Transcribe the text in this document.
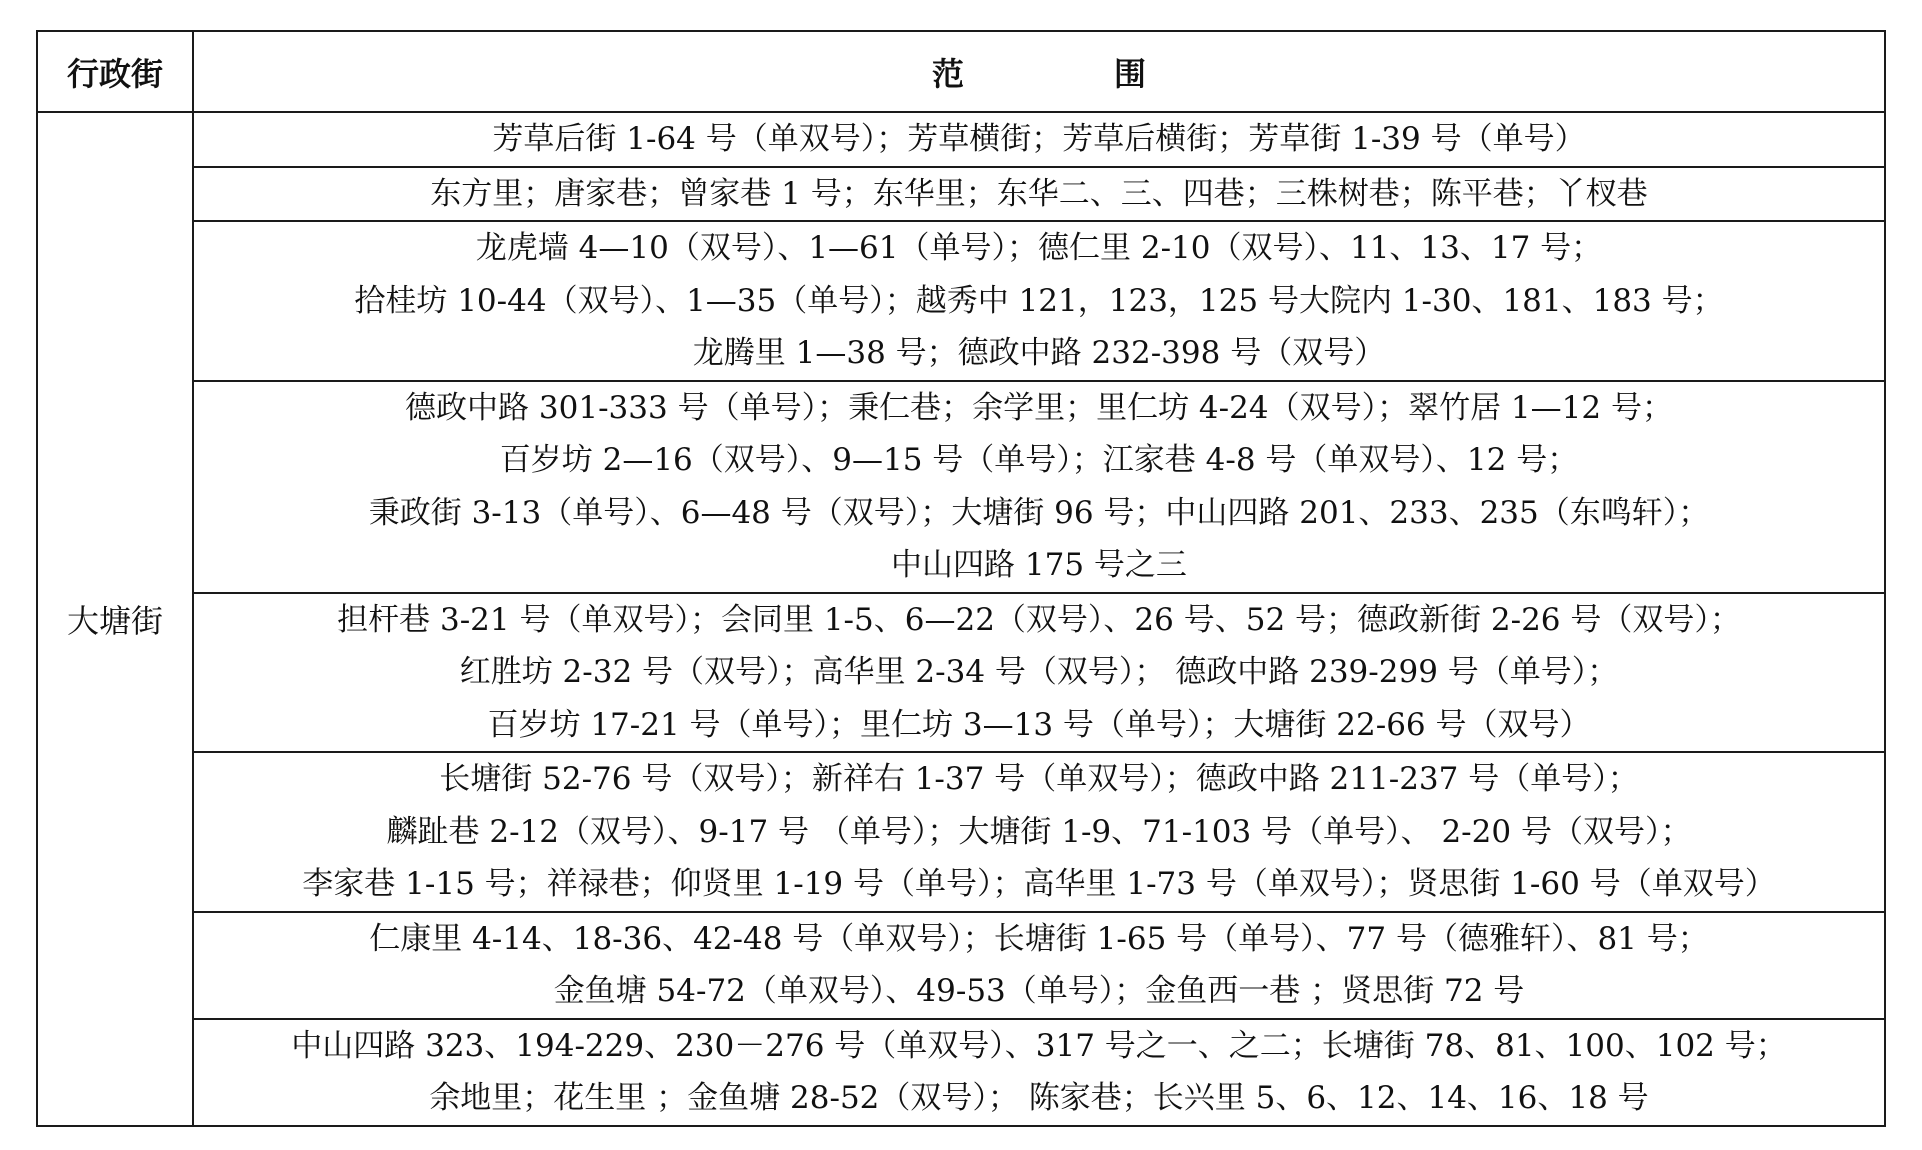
行政街	范 围
大塘街	芳草后街 1-64 号（单双号）；芳草横街；芳草后横街；芳草街 1-39 号（单号）

	东方里；唐家巷；曾家巷 1 号；东华里；东华二、三、四巷；三株树巷；陈平巷；丫杈巷

	龙虎墙 4—10（双号）、1—61（单号）；德仁里 2-10（双号）、11、13、17 号；
拾桂坊 10-44（双号）、1—35（单号）；越秀中 121，123，125 号大院内 1-30、181、183 号；
龙腾里 1—38 号；德政中路 232-398 号（双号）

	德政中路 301-333 号（单号）；秉仁巷；余学里；里仁坊 4-24（双号）；翠竹居 1—12 号；
百岁坊 2—16（双号）、9—15 号（单号）；江家巷 4-8 号（单双号）、12 号；
秉政街 3-13（单号）、6—48 号（双号）；大塘街 96 号；中山四路 201、233、235（东鸣轩）；
中山四路 175 号之三

	担杆巷 3-21 号（单双号）；会同里 1-5、6—22（双号）、26 号、52 号；德政新街 2-26 号（双号）；
红胜坊 2-32 号（双号）；高华里 2-34 号（双号）； 德政中路 239-299 号（单号）；
百岁坊 17-21 号（单号）；里仁坊 3—13 号（单号）；大塘街 22-66 号（双号）

	长塘街 52-76 号（双号）；新祥右 1-37 号（单双号）；德政中路 211-237 号（单号）；
麟趾巷 2-12（双号）、9-17 号 （单号）；大塘街 1-9、71-103 号（单号）、 2-20 号（双号）；
李家巷 1-15 号；祥禄巷；仰贤里 1-19 号（单号）；高华里 1-73 号（单双号）；贤思街 1-60 号（单双号）

	仁康里 4-14、18-36、42-48 号（单双号）；长塘街 1-65 号（单号）、77 号（德雅轩）、81 号；
金鱼塘 54-72（单双号）、49-53（单号）；金鱼西一巷 ；贤思街 72 号

	中山四路 323、194-229、230－276 号（单双号）、317 号之一、之二；长塘街 78、81、100、102 号；
余地里；花生里 ；金鱼塘 28-52（双号）； 陈家巷；长兴里 5、6、12、14、16、18 号
